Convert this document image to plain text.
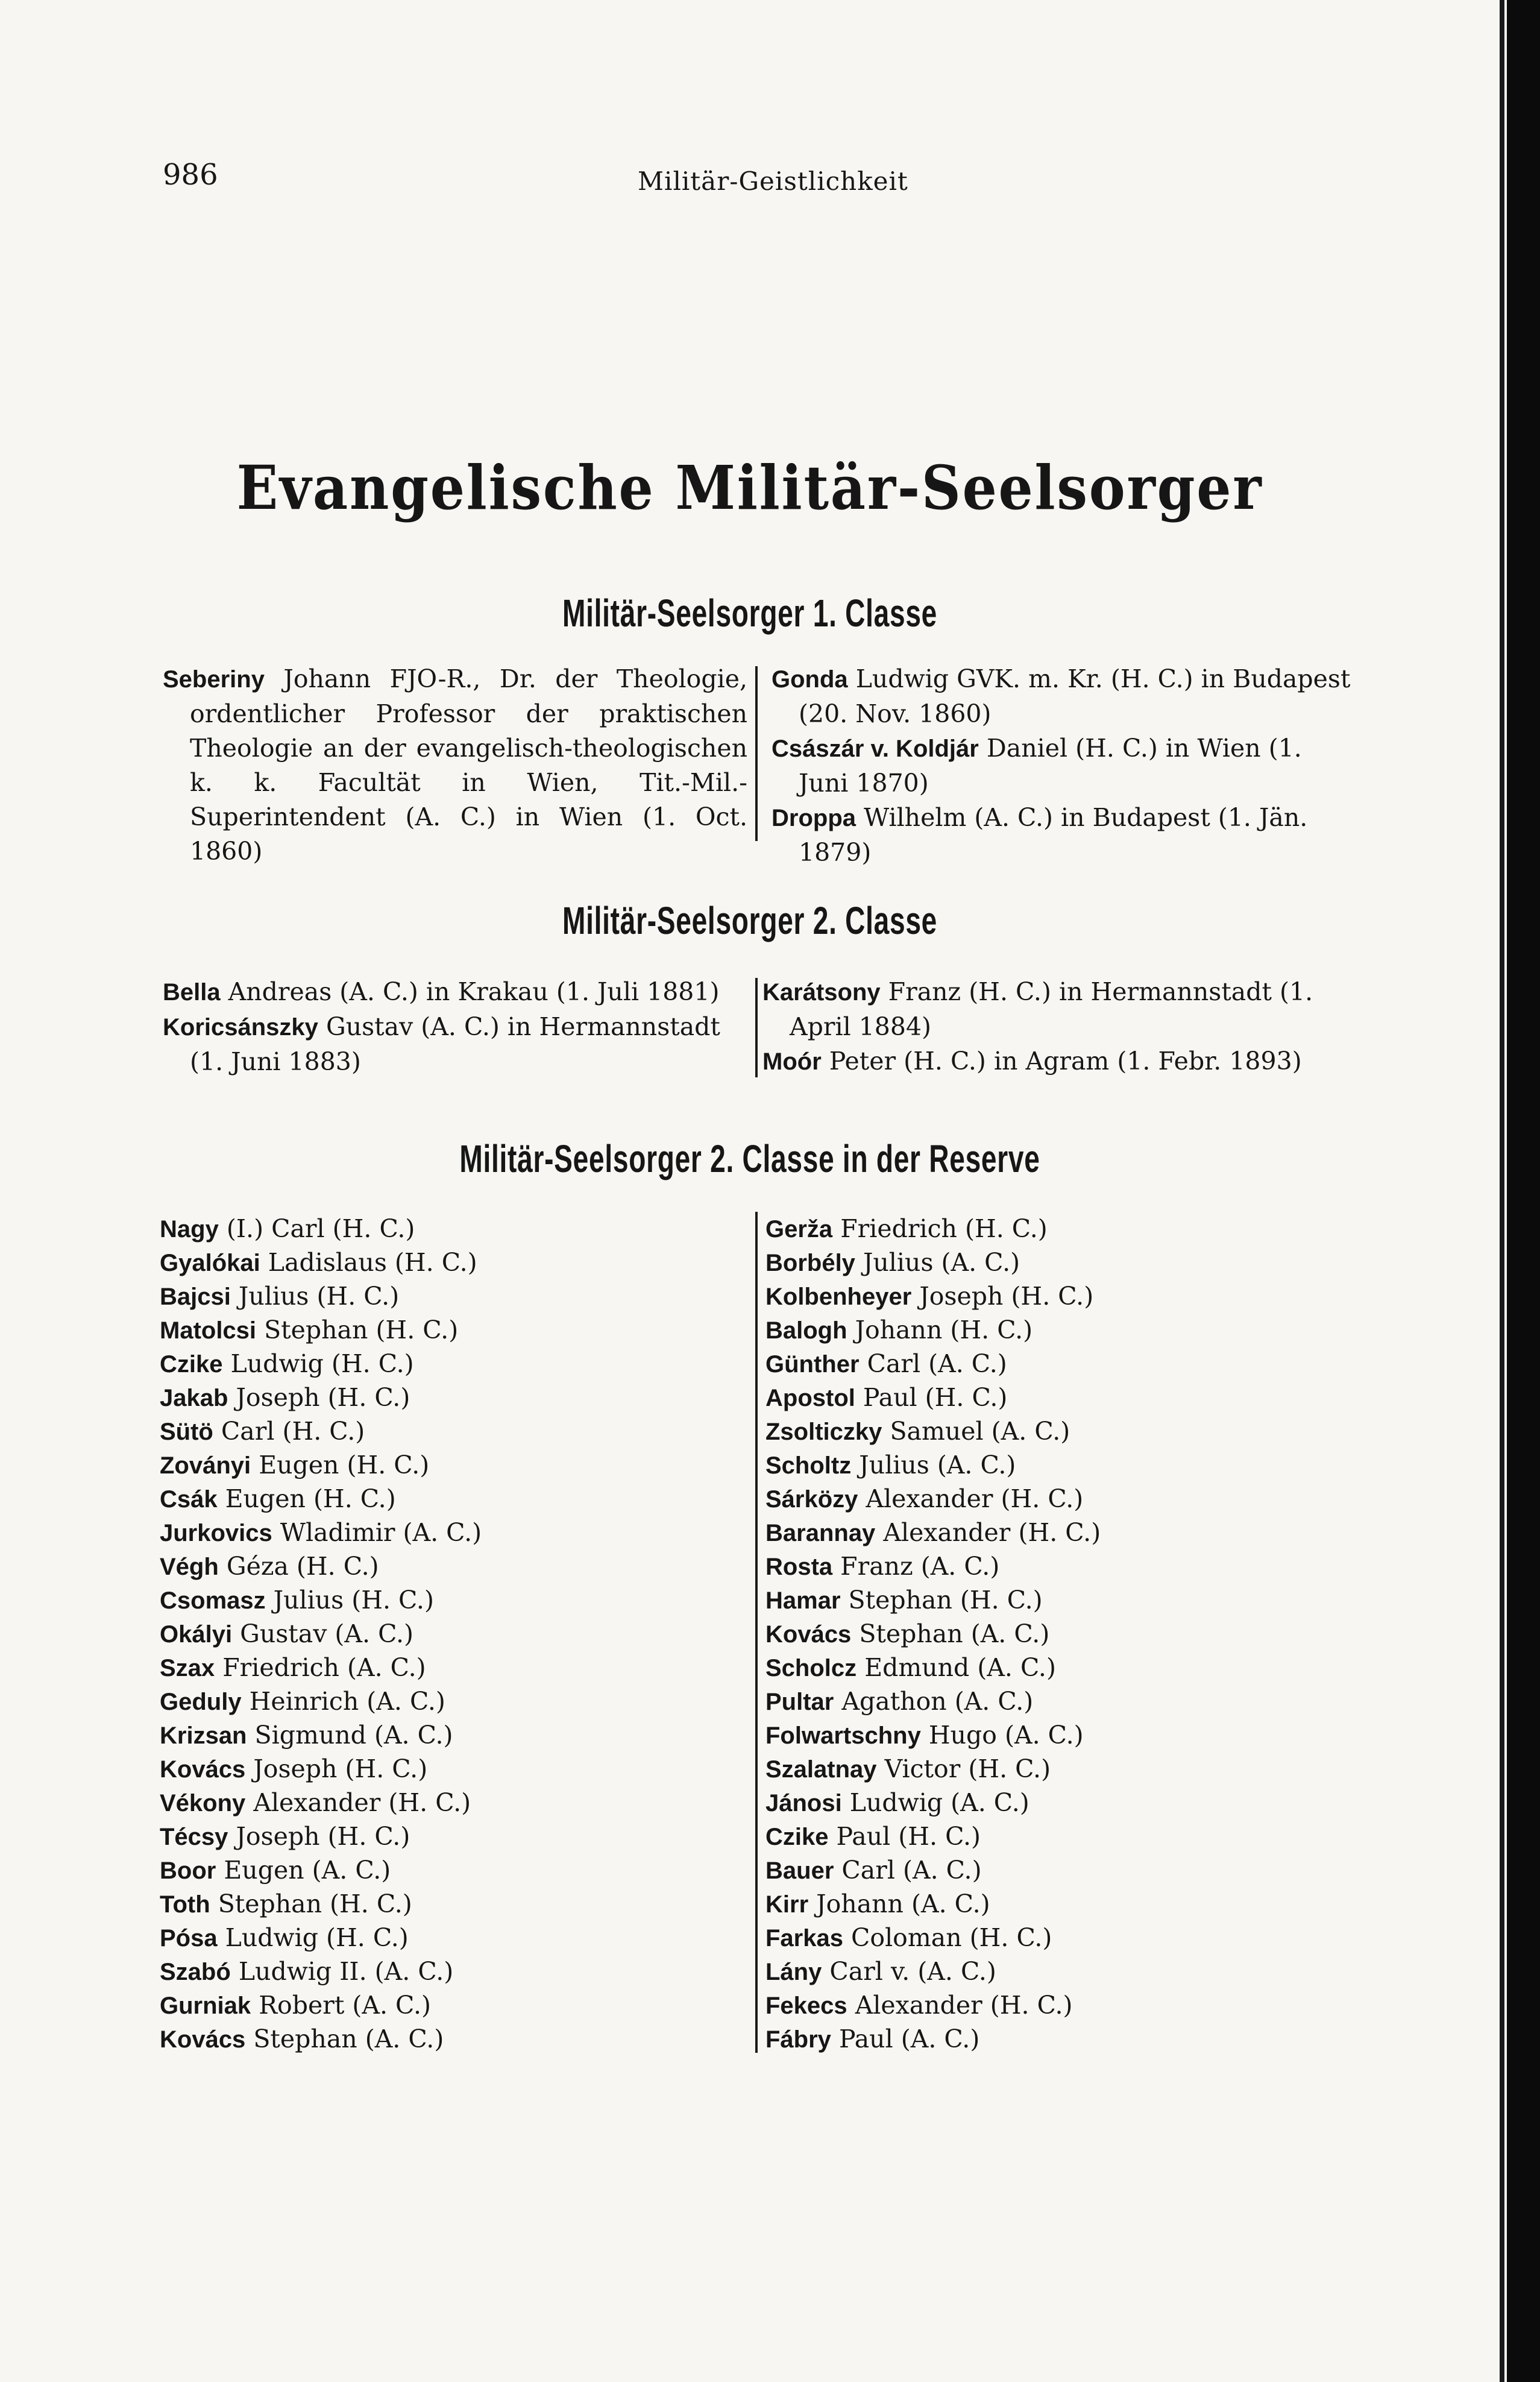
986	Militär-Geistlichkeit
Evangelische Militär-Seelsorger
Militär-Seelsorger 1. Classe
Seberiny Johann FJO-R., Dr. der Theologie, ordentlicher Professor der praktischen Theologie an der evangelisch-theologischen k. k. Facultät in Wien, Tit.-Mil.-Superintendent (A. C.) in Wien (1. Oct. 1860)
Gonda Ludwig GVK. m. Kr. (H. C.) in Budapest (20. Nov. 1860)
Császár v. Koldjár Daniel (H. C.) in Wien (1. Juni 1870)
Droppa Wilhelm (A. C.) in Budapest (1. Jän. 1879)
Militär-Seelsorger 2. Classe
Bella Andreas (A. C.) in Krakau (1. Juli 1881)
Koricsánszky Gustav (A. C.) in Hermannstadt (1. Juni 1883)
Karátsony Franz (H. C.) in Hermannstadt (1. April 1884)
Moór Peter (H. C.) in Agram (1. Febr. 1893)
Militär-Seelsorger 2. Classe in der Reserve
Nagy (I.) Carl (H. C.)
Gyalókai Ladislaus (H. C.)
Bajcsi Julius (H. C.)
Matolcsi Stephan (H. C.)
Czike Ludwig (H. C.)
Jakab Joseph (H. C.)
Sütö Carl (H. C.)
Zoványi Eugen (H. C.)
Csák Eugen (H. C.)
Jurkovics Wladimir (A. C.)
Végh Géza (H. C.)
Csomasz Julius (H. C.)
Okályi Gustav (A. C.)
Szax Friedrich (A. C.)
Geduly Heinrich (A. C.)
Krizsan Sigmund (A. C.)
Kovács Joseph (H. C.)
Vékony Alexander (H. C.)
Técsy Joseph (H. C.)
Boor Eugen (A. C.)
Toth Stephan (H. C.)
Pósa Ludwig (H. C.)
Szabó Ludwig II. (A. C.)
Gurniak Robert (A. C.)
Kovács Stephan (A. C.)
Gerža Friedrich (H. C.)
Borbély Julius (A. C.)
Kolbenheyer Joseph (H. C.)
Balogh Johann (H. C.)
Günther Carl (A. C.)
Apostol Paul (H. C.)
Zsolticzky Samuel (A. C.)
Scholtz Julius (A. C.)
Sárközy Alexander (H. C.)
Barannay Alexander (H. C.)
Rosta Franz (A. C.)
Hamar Stephan (H. C.)
Kovács Stephan (A. C.)
Scholcz Edmund (A. C.)
Pultar Agathon (A. C.)
Folwartschny Hugo (A. C.)
Szalatnay Victor (H. C.)
Jánosi Ludwig (A. C.)
Czike Paul (H. C.)
Bauer Carl (A. C.)
Kirr Johann (A. C.)
Farkas Coloman (H. C.)
Lány Carl v. (A. C.)
Fekecs Alexander (H. C.)
Fábry Paul (A. C.)
